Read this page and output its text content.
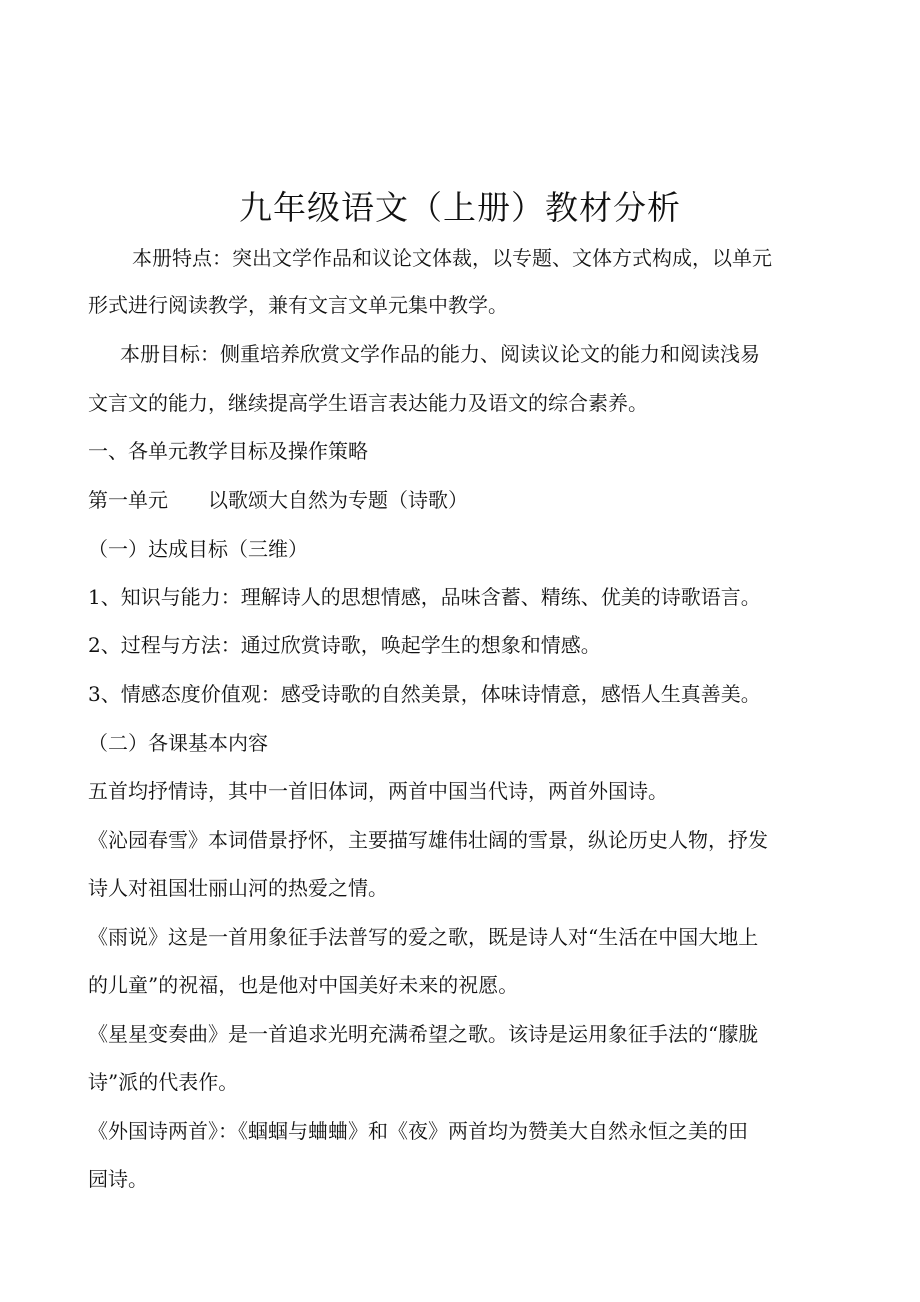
九年级语文（上册）教材分析
本册特点：突出文学作品和议论文体裁，以专题、文体方式构成，以单元
形式进行阅读教学，兼有文言文单元集中教学。
本册目标：侧重培养欣赏文学作品的能力、阅读议论文的能力和阅读浅易
文言文的能力，继续提高学生语言表达能力及语文的综合素养。
一、各单元教学目标及操作策略
第一单元　　以歌颂大自然为专题（诗歌）
（一）达成目标（三维）
1、知识与能力：理解诗人的思想情感，品味含蓄、精练、优美的诗歌语言。
2、过程与方法：通过欣赏诗歌，唤起学生的想象和情感。
3、情感态度价值观：感受诗歌的自然美景，体味诗情意，感悟人生真善美。
（二）各课基本内容
五首均抒情诗，其中一首旧体词，两首中国当代诗，两首外国诗。
《沁园春雪》本词借景抒怀，主要描写雄伟壮阔的雪景，纵论历史人物，抒发
诗人对祖国壮丽山河的热爱之情。
《雨说》这是一首用象征手法普写的爱之歌，既是诗人对“生活在中国大地上
的儿童”的祝福，也是他对中国美好未来的祝愿。
《星星变奏曲》是一首追求光明充满希望之歌。该诗是运用象征手法的“朦胧
诗”派的代表作。
《外国诗两首》：《蝈蝈与蛐蛐》和《夜》两首均为赞美大自然永恒之美的田
园诗。
